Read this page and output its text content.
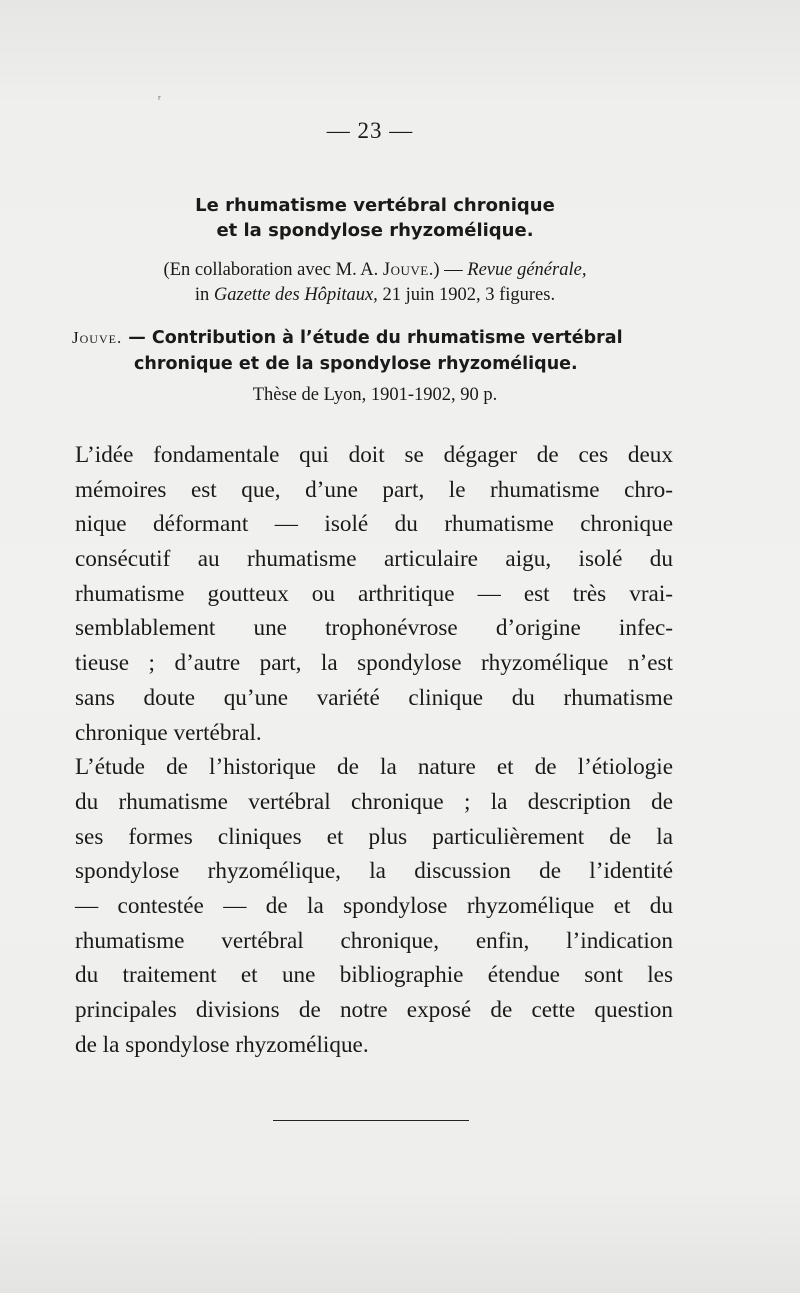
ʳ
— 23 —
Le rhumatisme vertébral chronique
et la spondylose rhyzomélique.
(En collaboration avec M. A. Jouve.) — Revue générale,
in Gazette des Hôpitaux, 21 juin 1902, 3 figures.
Jouve. — Contribution à l’étude du rhumatisme vertébral
chronique et de la spondylose rhyzomélique.
Thèse de Lyon, 1901-1902, 90 p.

L’idée fondamentale qui doit se dégager de ces deux
mémoires est que, d’une part, le rhumatisme chro-
nique déformant — isolé du rhumatisme chronique
consécutif au rhumatisme articulaire aigu, isolé du
rhumatisme goutteux ou arthritique — est très vrai-
semblablement une trophonévrose d’origine infec-
tieuse ; d’autre part, la spondylose rhyzomélique n’est
sans doute qu’une variété clinique du rhumatisme
chronique vertébral.

L’étude de l’historique de la nature et de l’étiologie
du rhumatisme vertébral chronique ; la description de
ses formes cliniques et plus particulièrement de la
spondylose rhyzomélique, la discussion de l’identité
— contestée — de la spondylose rhyzomélique et du
rhumatisme vertébral chronique, enfin, l’indication
du traitement et une bibliographie étendue sont les
principales divisions de notre exposé de cette question
de la spondylose rhyzomélique.
